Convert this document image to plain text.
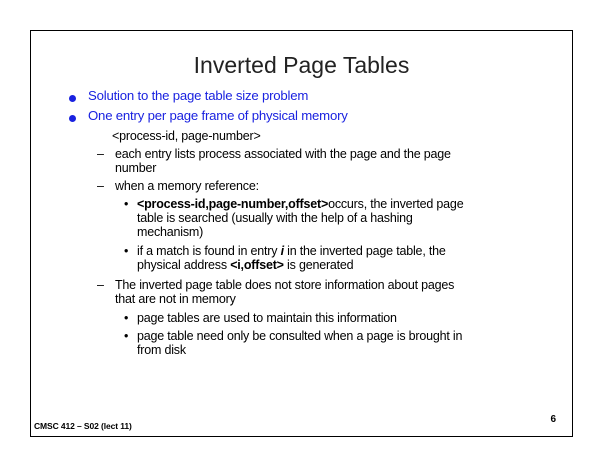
Inverted Page Tables
Solution to the page table size problem
One entry per page frame of physical memory
<process-id, page-number>
– each entry lists process associated with the page and the page
number
– when a memory reference:
• <process-id,page-number,offset>occurs, the inverted page
table is searched (usually with the help of a hashing
mechanism)
• if a match is found in entry i in the inverted page table, the
physical address <i,offset> is generated
– The inverted page table does not store information about pages
that are not in memory
• page tables are used to maintain this information
• page table need only be consulted when a page is brought in
from disk
CMSC 412 – S02 (lect 11)
6
